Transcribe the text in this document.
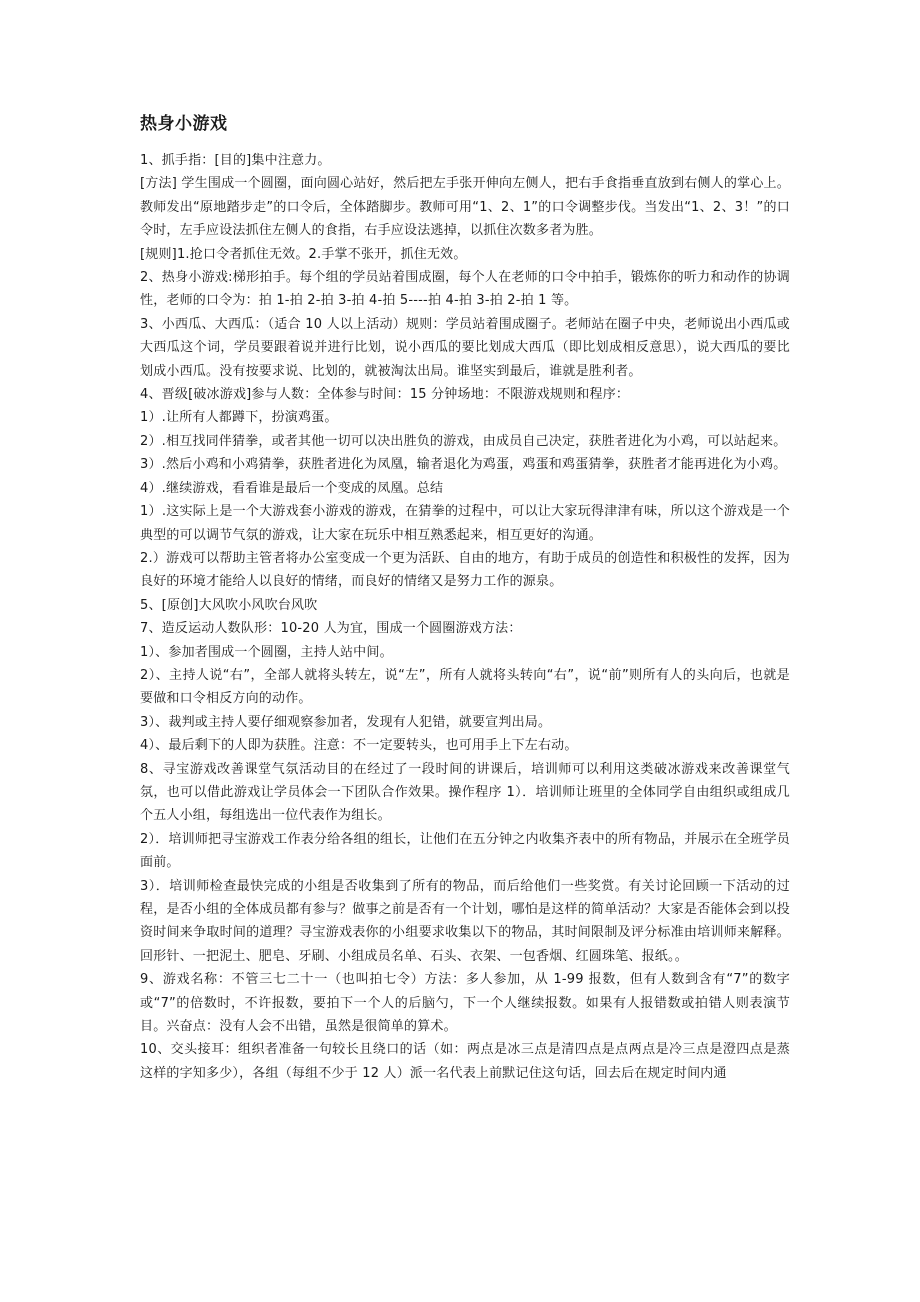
热身小游戏

1、抓手指：[目的]集中注意力。

[方法] 学生围成一个圆圈，面向圆心站好，然后把左手张开伸向左侧人，把右手食指垂直放到右侧人的掌心上。教师发出“原地踏步走”的口令后，全体踏脚步。教师可用“1、2、1”的口令调整步伐。当发出“1、2、3！”的口令时，左手应设法抓住左侧人的食指，右手应设法逃掉，以抓住次数多者为胜。

[规则]1.抢口令者抓住无效。2.手掌不张开，抓住无效。

2、热身小游戏:梯形拍手。每个组的学员站着围成圈，每个人在老师的口令中拍手，锻炼你的听力和动作的协调性，老师的口令为：拍 1-拍 2-拍 3-拍 4-拍 5----拍 4-拍 3-拍 2-拍 1 等。

3、小西瓜、大西瓜：（适合 10 人以上活动）规则：学员站着围成圈子。老师站在圈子中央，老师说出小西瓜或大西瓜这个词，学员要跟着说并进行比划，说小西瓜的要比划成大西瓜（即比划成相反意思），说大西瓜的要比划成小西瓜。没有按要求说、比划的，就被淘汰出局。谁坚实到最后，谁就是胜利者。

4、晋级[破冰游戏]参与人数：全体参与时间：15 分钟场地：不限游戏规则和程序：

1）.让所有人都蹲下，扮演鸡蛋。

2）.相互找同伴猜拳，或者其他一切可以决出胜负的游戏，由成员自己决定，获胜者进化为小鸡，可以站起来。

3）.然后小鸡和小鸡猜拳，获胜者进化为凤凰，输者退化为鸡蛋，鸡蛋和鸡蛋猜拳，获胜者才能再进化为小鸡。

4）.继续游戏，看看谁是最后一个变成的凤凰。总结

1）.这实际上是一个大游戏套小游戏的游戏，在猜拳的过程中，可以让大家玩得津津有味，所以这个游戏是一个典型的可以调节气氛的游戏，让大家在玩乐中相互熟悉起来，相互更好的沟通。

2.）游戏可以帮助主管者将办公室变成一个更为活跃、自由的地方，有助于成员的创造性和积极性的发挥，因为良好的环境才能给人以良好的情绪，而良好的情绪又是努力工作的源泉。

5、[原创]大风吹小风吹台风吹

7、造反运动人数队形：10-20 人为宜，围成一个圆圈游戏方法：

1）、参加者围成一个圆圈，主持人站中间。

2）、主持人说“右”，全部人就将头转左，说“左”，所有人就将头转向“右”，说“前”则所有人的头向后，也就是要做和口令相反方向的动作。

3）、裁判或主持人要仔细观察参加者，发现有人犯错，就要宣判出局。

4）、最后剩下的人即为获胜。注意：不一定要转头，也可用手上下左右动。

8、寻宝游戏改善课堂气氛活动目的在经过了一段时间的讲课后，培训师可以利用这类破冰游戏来改善课堂气氛，也可以借此游戏让学员体会一下团队合作效果。操作程序 1）．培训师让班里的全体同学自由组织或组成几个五人小组，每组选出一位代表作为组长。

2）．培训师把寻宝游戏工作表分给各组的组长，让他们在五分钟之内收集齐表中的所有物品，并展示在全班学员面前。

3）．培训师检查最快完成的小组是否收集到了所有的物品，而后给他们一些奖赏。有关讨论回顾一下活动的过程，是否小组的全体成员都有参与？做事之前是否有一个计划，哪怕是这样的简单活动？大家是否能体会到以投资时间来争取时间的道理？寻宝游戏表你的小组要求收集以下的物品，其时间限制及评分标准由培训师来解释。回形针、一把泥土、肥皂、牙刷、小组成员名单、石头、衣架、一包香烟、红圆珠笔、报纸。。

9、游戏名称：不管三七二十一（也叫拍七令）方法：多人参加，从 1-99 报数，但有人数到含有“7”的数字或“7”的倍数时，不许报数，要拍下一个人的后脑勺，下一个人继续报数。如果有人报错数或拍错人则表演节目。兴奋点：没有人会不出错，虽然是很简单的算术。

10、交头接耳：组织者准备一句较长且绕口的话（如：两点是冰三点是清四点是点两点是冷三点是澄四点是蒸这样的字知多少），各组（每组不少于 12 人）派一名代表上前默记住这句话，回去后在规定时间内通
